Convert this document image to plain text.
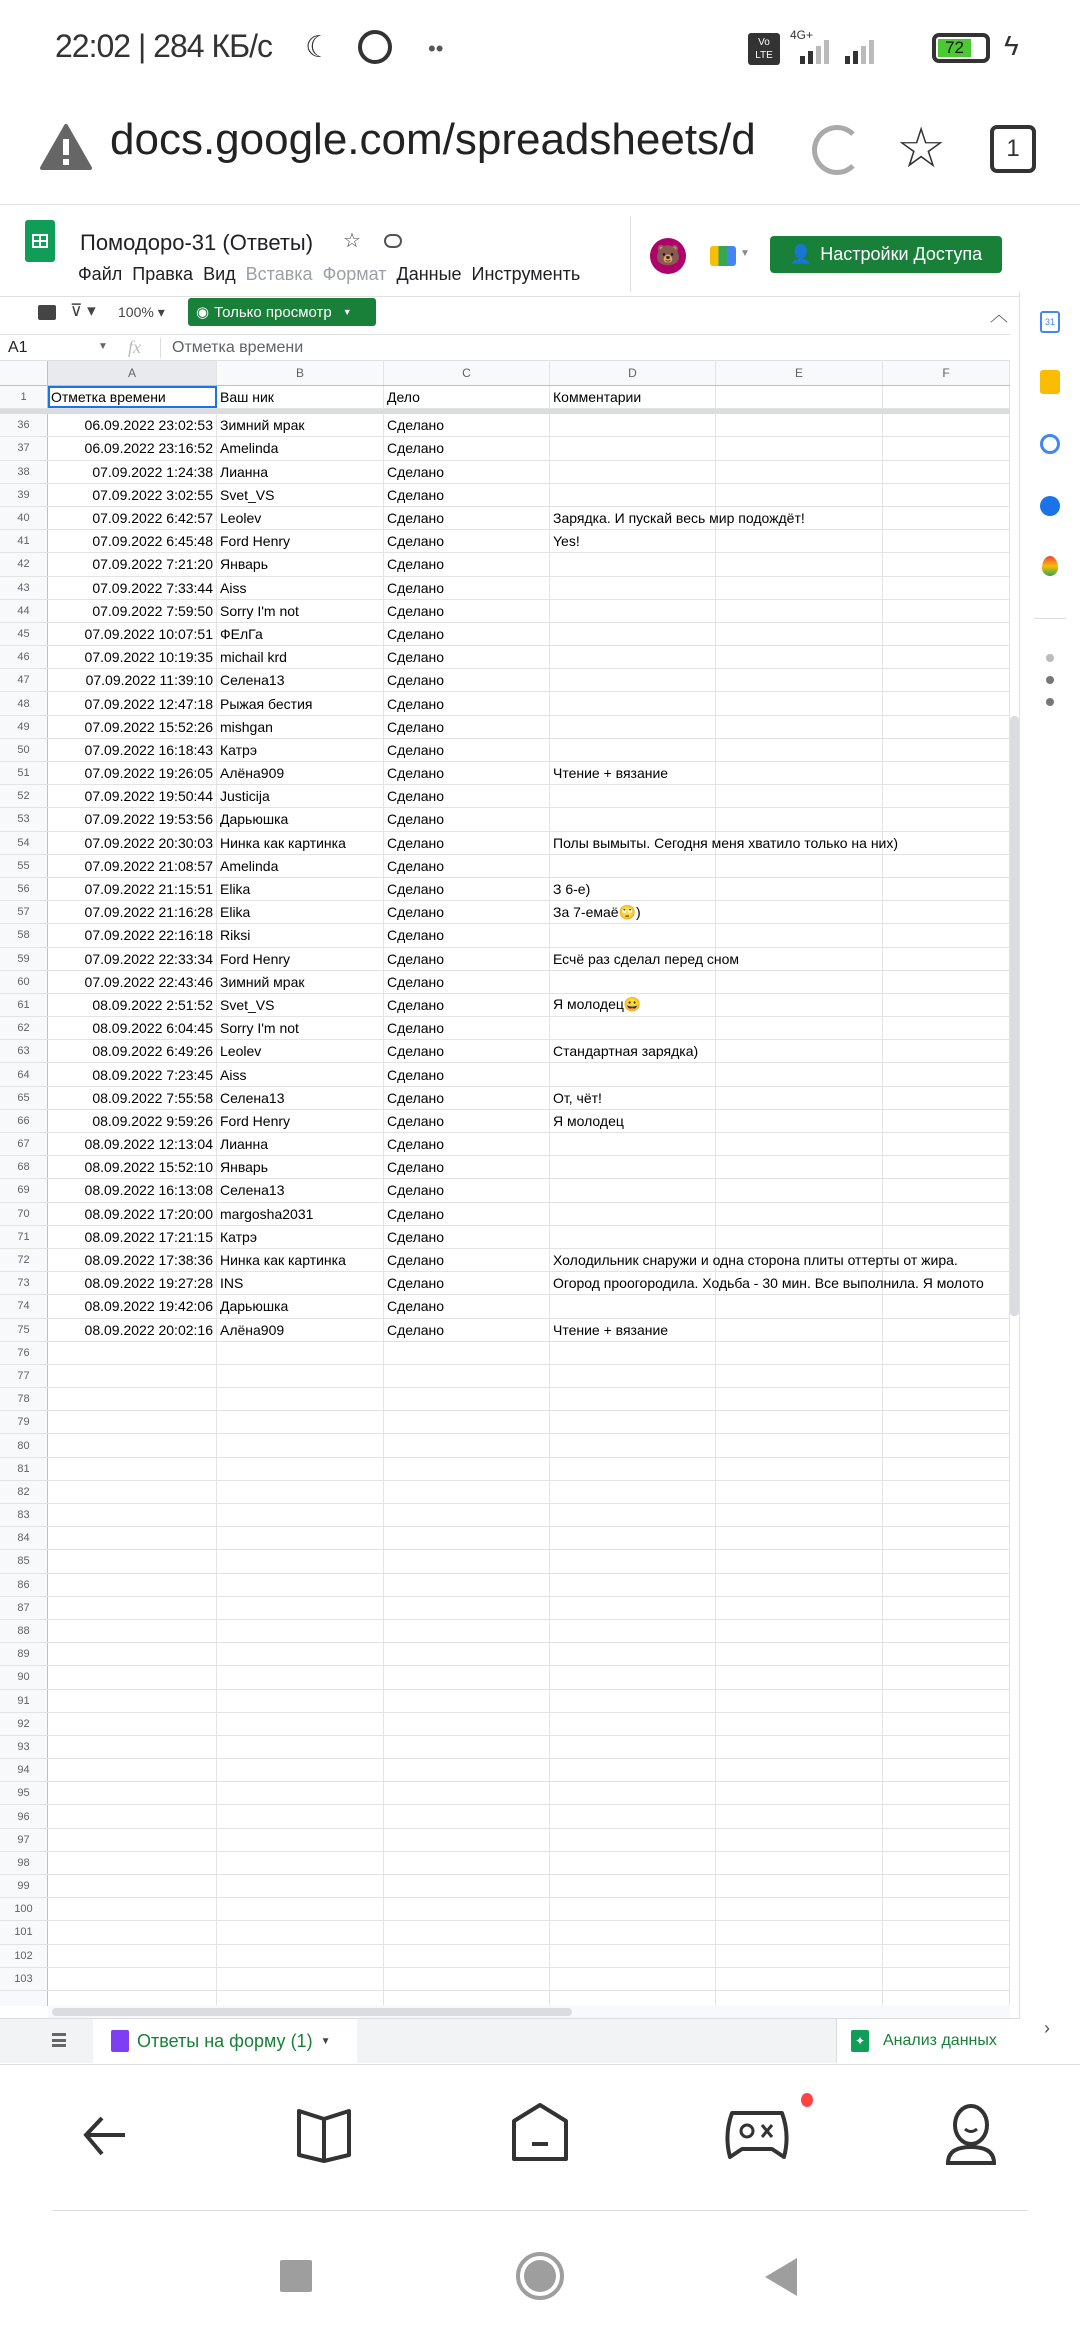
22:02 | 284 КБ/с ☾	••	Vo LTE
4G+
72 ϟ
docs.google.com/spreadsheets/d	☆	1
Помодоро-31 (Ответы) ☆
Файл Правка Вид Вставка Формат Данные Инструменть
🐻	▼ 👤 Настройки Доступа
⊽ ▾ 100% ▾	︿
◉ Только просмотр ▼
A1	▼ fx Отметка времени
A	B	C	D	E	F
1	Отметка времени	Ваш ник	Дело	Комментарии
36	06.09.2022 23:02:53 Зимний мрак	Сделано
37	06.09.2022 23:16:52 Amelinda	Сделано
38	07.09.2022 1:24:38 Лианна	Сделано
39	07.09.2022 3:02:55 Svet_VS	Сделано
40	07.09.2022 6:42:57 Leolev	Сделано	Зарядка. И пускай весь мир подождёт!
41	07.09.2022 6:45:48 Ford Henry	Сделано	Yes!
42	07.09.2022 7:21:20 Январь	Сделано
43	07.09.2022 7:33:44 Aiss	Сделано
44	07.09.2022 7:59:50 Sorry I'm not	Сделано
45	07.09.2022 10:07:51 ФЕлГа	Сделано
46	07.09.2022 10:19:35 michail krd	Сделано
47	07.09.2022 11:39:10 Селена13	Сделано
48	07.09.2022 12:47:18 Рыжая бестия	Сделано
49	07.09.2022 15:52:26 mishgan	Сделано
50	07.09.2022 16:18:43 Катрэ	Сделано
51	07.09.2022 19:26:05 Алёна909	Сделано	Чтение + вязание
52	07.09.2022 19:50:44 Justicija	Сделано
53	07.09.2022 19:53:56 Дарьюшка	Сделано
54	07.09.2022 20:30:03 Нинка как картинка	Сделано	Полы вымыты. Сегодня меня хватило только на них)
55	07.09.2022 21:08:57 Amelinda	Сделано
56	07.09.2022 21:15:51 Elika	Сделано	З 6-е)
57	07.09.2022 21:16:28 Elika	Сделано	За 7-емаё🙄)
58	07.09.2022 22:16:18 Riksi	Сделано
59	07.09.2022 22:33:34 Ford Henry	Сделано	Есчё раз сделал перед сном
60	07.09.2022 22:43:46 Зимний мрак	Сделано
61	08.09.2022 2:51:52 Svet_VS	Сделано	Я молодец😀
62	08.09.2022 6:04:45 Sorry I'm not	Сделано
63	08.09.2022 6:49:26 Leolev	Сделано	Стандартная зарядка)
64	08.09.2022 7:23:45 Aiss	Сделано
65	08.09.2022 7:55:58 Селена13	Сделано	От, чёт!
66	08.09.2022 9:59:26 Ford Henry	Сделано	Я молодец
67	08.09.2022 12:13:04 Лианна	Сделано
68	08.09.2022 15:52:10 Январь	Сделано
69	08.09.2022 16:13:08 Селена13	Сделано
70	08.09.2022 17:20:00 margosha2031	Сделано
71	08.09.2022 17:21:15 Катрэ	Сделано
72	08.09.2022 17:38:36 Нинка как картинка	Сделано	Холодильник снаружи и одна сторона плиты оттерты от жира.
73	08.09.2022 19:27:28 INS	Сделано	Огород проогородила. Ходьба - 30 мин. Все выполнила. Я молото
74	08.09.2022 19:42:06 Дарьюшка	Сделано
75	08.09.2022 20:02:16 Алёна909	Сделано	Чтение + вязание
76
77
78
79
80
81
82
83
84
85
86
87
88
89
90
91
92
93
94
95
96
97
98
99
100
101
102
103
31
›
Ответы на форму (1) ▼	✦ Анализ данных
